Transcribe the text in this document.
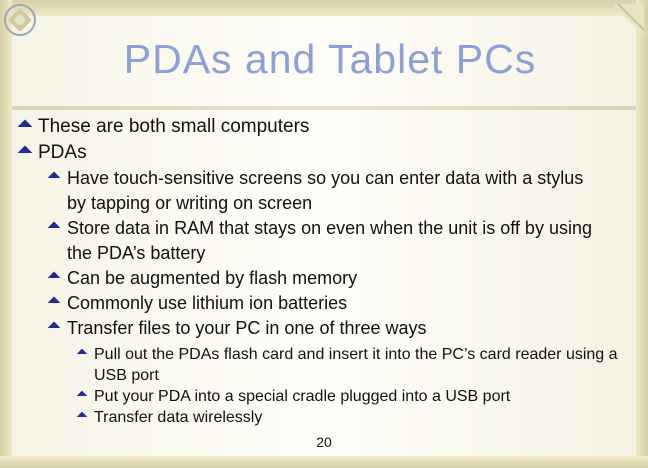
PDAs and Tablet PCs
These are both small computers
PDAs
Have touch-sensitive screens so you can enter data with a stylus by tapping or writing on screen
Store data in RAM that stays on even when the unit is off by using the PDA’s battery
Can be augmented by flash memory
Commonly use lithium ion batteries
Transfer files to your PC in one of three ways
Pull out the PDAs flash card and insert it into the PC’s card reader using a USB port
Put your PDA into a special cradle plugged into a USB port
Transfer data wirelessly
20
